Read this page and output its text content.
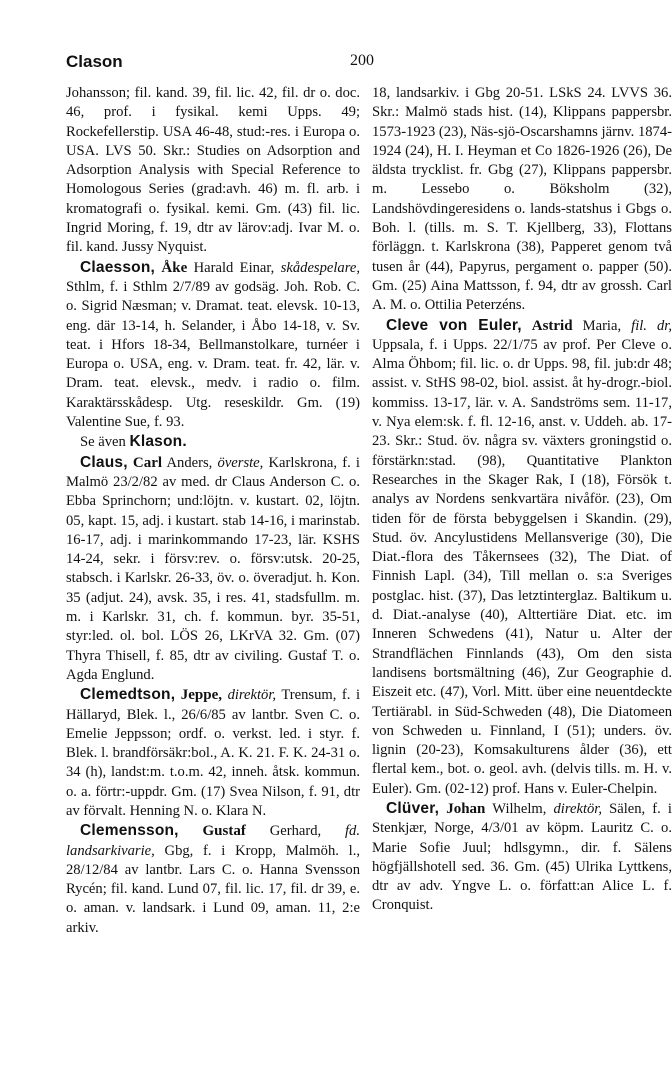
Clason	200

Johansson; fil. kand. 39, fil. lic. 42, fil. dr o. doc. 46, prof. i fysikal. kemi Upps. 49; Rockefellerstip. USA 46-48, stud:-res. i Europa o. USA. LVS 50. Skr.: Studies on Adsorption and Adsorption Analysis with Special Reference to Homologous Series (grad:avh. 46) m. fl. arb. i kromatografi o. fysikal. kemi. Gm. (43) fil. lic. Ingrid Moring, f. 19, dtr av lärov:adj. Ivar M. o. fil. kand. Jussy Nyquist.

Claesson, Åke Harald Einar, skådespelare, Sthlm, f. i Sthlm 2/7/89 av godsäg. Joh. Rob. C. o. Sigrid Næsman; v. Dramat. teat. elevsk. 10-13, eng. där 13-14, h. Selander, i Åbo 14-18, v. Sv. teat. i Hfors 18-34, Bellmanstolkare, turnéer i Europa o. USA, eng. v. Dram. teat. fr. 42, lär. v. Dram. teat. elevsk., medv. i radio o. film. Karaktärsskådesp. Utg. reseskildr. Gm. (19) Valentine Sue, f. 93.

Se även Klason.

Claus, Carl Anders, överste, Karlskrona, f. i Malmö 23/2/82 av med. dr Claus Anderson C. o. Ebba Sprinchorn; und:löjtn. v. kustart. 02, löjtn. 05, kapt. 15, adj. i kustart. stab 14-16, i marinstab. 16-17, adj. i marinkommando 17-23, lär. KSHS 14-24, sekr. i försv:rev. o. försv:utsk. 20-25, stabsch. i Karlskr. 26-33, öv. o. överadjut. h. Kon. 35 (adjut. 24), avsk. 35, i res. 41, stadsfullm. m. m. i Karlskr. 31, ch. f. kommun. byr. 35-51, styr:led. ol. bol. LÖS 26, LKrVA 32. Gm. (07) Thyra Thisell, f. 85, dtr av civiling. Gustaf T. o. Agda Englund.

Clemedtson, Jeppe, direktör, Trensum, f. i Hällaryd, Blek. l., 26/6/85 av lantbr. Sven C. o. Emelie Jeppsson; ordf. o. verkst. led. i styr. f. Blek. l. brandförsäkr:bol., A. K. 21. F. K. 24-31 o. 34 (h), landst:m. t.o.m. 42, inneh. åtsk. kommun. o. a. förtr:-uppdr. Gm. (17) Svea Nilson, f. 91, dtr av förvalt. Henning N. o. Klara N.

Clemensson, Gustaf Gerhard, fd. landsarkivarie, Gbg, f. i Kropp, Malmöh. l., 28/12/84 av lantbr. Lars C. o. Hanna Svensson Rycén; fil. kand. Lund 07, fil. lic. 17, fil. dr 39, e. o. aman. v. landsark. i Lund 09, aman. 11, 2:e arkiv.

18, landsarkiv. i Gbg 20-51. LSkS 24. LVVS 36. Skr.: Malmö stads hist. (14), Klippans pappersbr. 1573-1923 (23), Näs-sjö-Oscarshamns järnv. 1874-1924 (24), H. I. Heyman et Co 1826-1926 (26), De äldsta trycklist. fr. Gbg (27), Klippans pappersbr. m. Lessebo o. Böksholm (32), Landshövdingeresidens o. lands-statshus i Gbgs o. Boh. l. (tills. m. S. T. Kjellberg, 33), Flottans förläggn. t. Karlskrona (38), Papperet genom två tusen år (44), Papyrus, pergament o. papper (50). Gm. (25) Aina Mattsson, f. 94, dtr av grossh. Carl A. M. o. Ottilia Peterzéns.

Cleve von Euler, Astrid Maria, fil. dr, Uppsala, f. i Upps. 22/1/75 av prof. Per Cleve o. Alma Öhbom; fil. lic. o. dr Upps. 98, fil. jub:dr 48; assist. v. StHS 98-02, biol. assist. åt hy-drogr.-biol. kommiss. 13-17, lär. v. A. Sandströms sem. 11-17, v. Nya elem:sk. f. fl. 12-16, anst. v. Uddeh. ab. 17-23. Skr.: Stud. öv. några sv. växters groningstid o. förstärkn:stad. (98), Quantitative Plankton Researches in the Skager Rak, I (18), Försök t. analys av Nordens senkvartära nivåför. (23), Om tiden för de första bebyggelsen i Skandin. (29), Stud. öv. Ancylustidens Mellansverige (30), Die Diat.-flora des Tåkernsees (32), The Diat. of Finnish Lapl. (34), Till mellan o. s:a Sveriges postglac. hist. (37), Das letztinterglaz. Baltikum u. d. Diat.-analyse (40), Alttertiäre Diat. etc. im Inneren Schwedens (41), Natur u. Alter der Strandflächen Finnlands (43), Om den sista landisens bortsmältning (46), Zur Geographie d. Eiszeit etc. (47), Vorl. Mitt. über eine neuentdeckte Tertiärabl. in Süd-Schweden (48), Die Diatomeen von Schweden u. Finnland, I (51); unders. öv. lignin (20-23), Komsakulturens ålder (36), ett flertal kem., bot. o. geol. avh. (delvis tills. m. H. v. Euler). Gm. (02-12) prof. Hans v. Euler-Chelpin.

Clüver, Johan Wilhelm, direktör, Sälen, f. i Stenkjær, Norge, 4/3/01 av köpm. Lauritz C. o. Marie Sofie Juul; hdlsgymn., dir. f. Sälens högfjällshotell sed. 36. Gm. (45) Ulrika Lyttkens, dtr av adv. Yngve L. o. författ:an Alice L. f. Cronquist.
